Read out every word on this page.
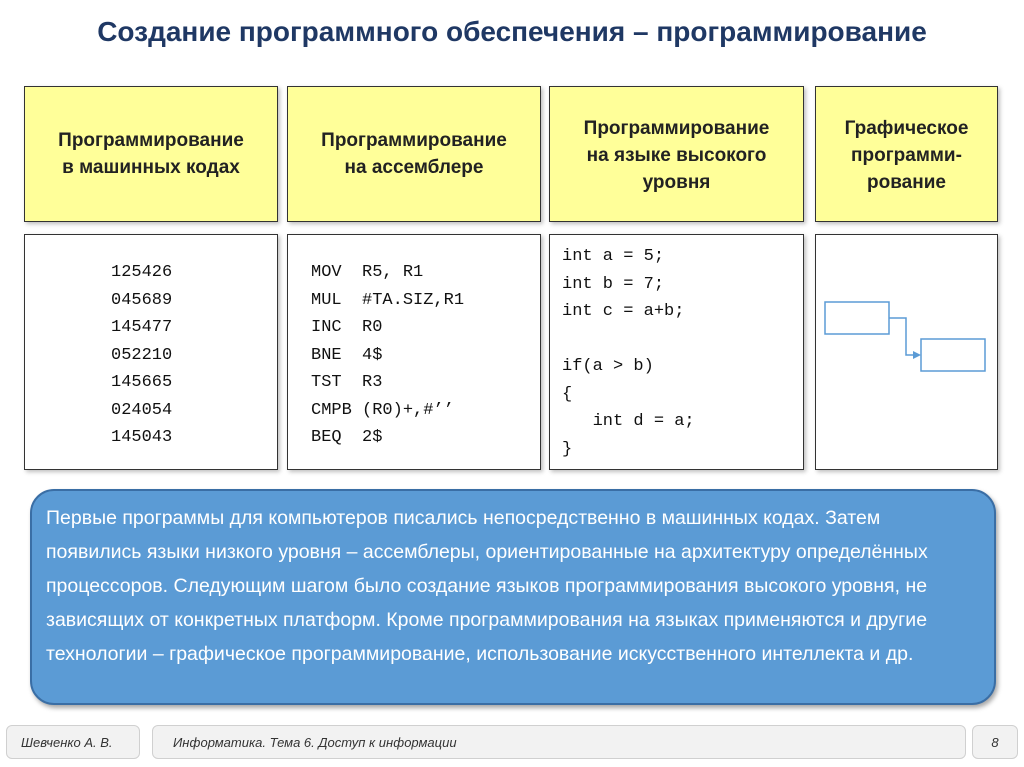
Создание программного обеспечения – программирование
Программирование
в машинных кодах
Программирование
на ассемблере
Программирование
на языке высокого
уровня
Графическое
программи-
рование
125426
045689
145477
052210
145665
024054
145043
MOV  R5, R1
MUL  #TA.SIZ,R1
INC  R0
BNE  4$
TST  R3
CMPB (R0)+,#’’
BEQ  2$
int a = 5;
int b = 7;
int c = a+b;

if(a > b)
{
int d = a;
}
Первые программы для компьютеров писались непосредственно в машинных кодах. Затем появились языки низкого уровня – ассемблеры, ориентированные на архитектуру определённых процессоров. Следующим шагом было создание языков программирования высокого уровня, не зависящих от конкретных платформ. Кроме программирования на языках применяются и другие технологии – графическое программирование, использование искусственного интеллекта и др.
Шевченко А. В.	Информатика. Тема 6. Доступ к информации	8
